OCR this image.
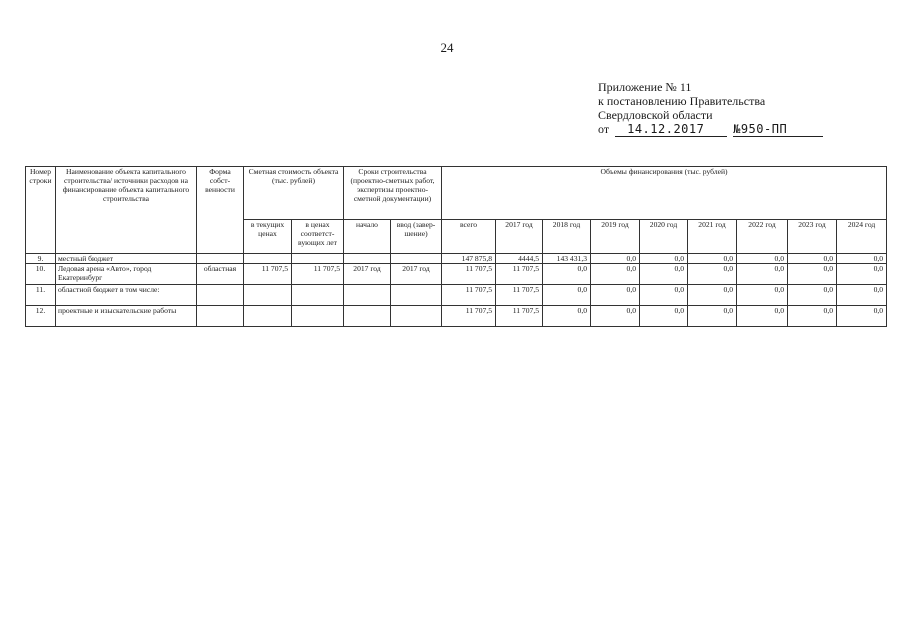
24
Приложение № 11
к постановлению Правительства
Свердловской области
от 14.12.2017 №950-ПП
Номер строки	Наименование объекта капитального строительства/ источники расходов на финансирование объекта капитального строительства	Форма собст-венности	Сметная стоимость объекта (тыс. рублей)		Сроки строительства (проектно-сметных работ, экспертизы проектно-сметной документации)		Объемы финансирования (тыс. рублей)								
			в текущих ценах	в ценах соответст-вующих лет	начало	ввод (завер-шение)	всего	2017 год	2018 год	2019 год	2020 год	2021 год	2022 год	2023 год	2024 год
9.	местный бюджет						147 875,8	4444,5	143 431,3	0,0	0,0	0,0	0,0	0,0	0,0
10.	Ледовая арена «Авто», город Екатеринбург	областная	11 707,5	11 707,5	2017 год	2017 год	11 707,5	11 707,5	0,0	0,0	0,0	0,0	0,0	0,0	0,0
11.	областной бюджет в том числе:						11 707,5	11 707,5	0,0	0,0	0,0	0,0	0,0	0,0	0,0
12.	проектные и изыскательские работы						11 707,5	11 707,5	0,0	0,0	0,0	0,0	0,0	0,0	0,0
